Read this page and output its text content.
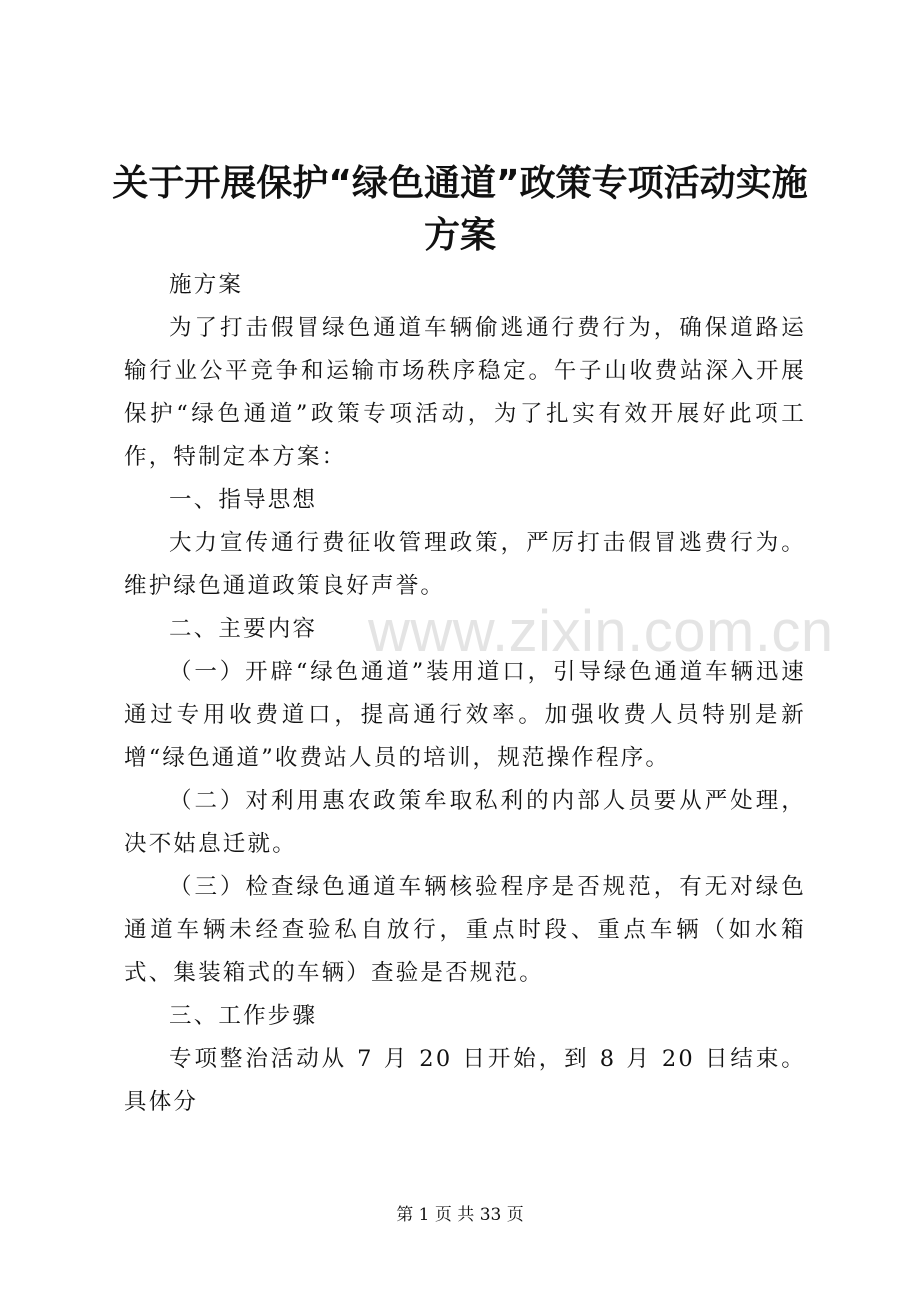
关于开展保护“绿色通道”政策专项活动实施方案

施方案

为了打击假冒绿色通道车辆偷逃通行费行为，确保道路运输行业公平竞争和运输市场秩序稳定。午子山收费站深入开展保护“绿色通道”政策专项活动，为了扎实有效开展好此项工作，特制定本方案：

一、指导思想

大力宣传通行费征收管理政策，严厉打击假冒逃费行为。维护绿色通道政策良好声誉。

二、主要内容

（一）开辟“绿色通道”装用道口，引导绿色通道车辆迅速通过专用收费道口，提高通行效率。加强收费人员特别是新增“绿色通道”收费站人员的培训，规范操作程序。

（二）对利用惠农政策牟取私利的内部人员要从严处理，决不姑息迁就。

（三）检查绿色通道车辆核验程序是否规范，有无对绿色通道车辆未经查验私自放行，重点时段、重点车辆（如水箱式、集装箱式的车辆）查验是否规范。

三、工作步骤

专项整治活动从 7 月 20 日开始，到 8 月 20 日结束。具体分

www.zixin.com.cn
第 1 页 共 33 页
